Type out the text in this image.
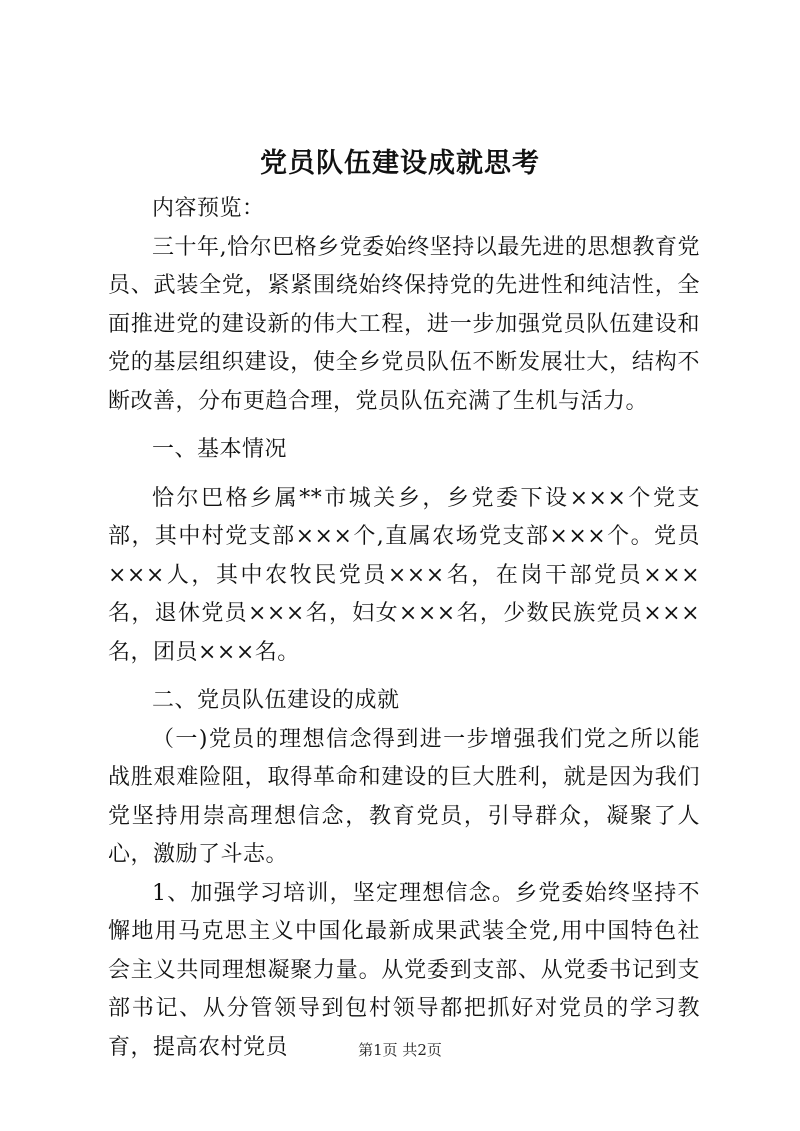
党员队伍建设成就思考

内容预览：

三十年,恰尔巴格乡党委始终坚持以最先进的思想教育党员、武装全党，紧紧围绕始终保持党的先进性和纯洁性，全面推进党的建设新的伟大工程，进一步加强党员队伍建设和党的基层组织建设，使全乡党员队伍不断发展壮大，结构不断改善，分布更趋合理，党员队伍充满了生机与活力。

一、基本情况

恰尔巴格乡属**市城关乡，乡党委下设×××个党支部，其中村党支部×××个,直属农场党支部×××个。党员×××人，其中农牧民党员×××名，在岗干部党员×××名，退休党员×××名，妇女×××名，少数民族党员×××名，团员×××名。

二、党员队伍建设的成就

（一)党员的理想信念得到进一步增强我们党之所以能战胜艰难险阻，取得革命和建设的巨大胜利，就是因为我们党坚持用崇高理想信念，教育党员，引导群众，凝聚了人心，激励了斗志。

1、加强学习培训，坚定理想信念。乡党委始终坚持不懈地用马克思主义中国化最新成果武装全党,用中国特色社会主义共同理想凝聚力量。从党委到支部、从党委书记到支部书记、从分管领导到包村领导都把抓好对党员的学习教育，提高农村党员	第1页 共2页
